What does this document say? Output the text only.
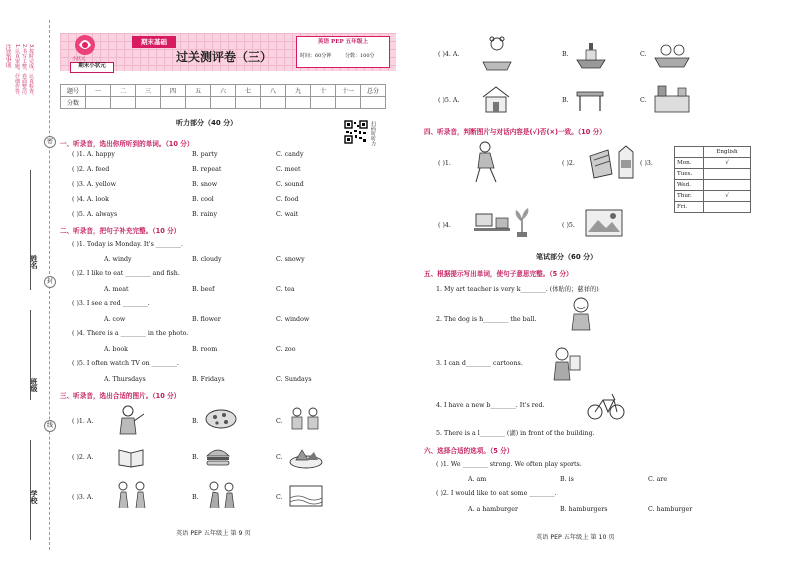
注意事项 1.认真审题，仔细作答。 2.书写工整，卷面整洁。 3.按时完成，认真检查。
密
封
线
姓名
班级
学校
小状元
期末小状元
期末基础
过关测评卷（三）
英语 PEP 五年级上
时间：60分钟	分数：100分
题号	一	二	三	四	五	六	七	八	九	十	十一	总分
分数												
听力部分（40 分）	扫码听听力
一、听录音，选出你所听到的单词。（10 分）
( )1. A. happy	B. party	C. candy
( )2. A. feed	B. repeat	C. meet
( )3. A. yellow	B. snow	C. sound
( )4. A. look	B. cool	C. food
( )5. A. always	B. rainy	C. wait
二、听录音，把句子补充完整。（10 分）
( )1. Today is Monday. It's ________.
A. windy	B. cloudy	C. snowy
( )2. I like to eat ________ and fish.
A. meat	B. beef	C. tea
( )3. I see a red ________.
A. cow	B. flower	C. window
( )4. There is a ________ in the photo.
A. book	B. room	C. zoo
( )5. I often watch TV on ________.
A. Thursdays	B. Fridays	C. Sundays
三、听录音，选出合适的图片。（10 分）
( )1. A.	B.	C.
( )2. A.	B.	C.
( )3. A.	B.	C.
英语 PEP 五年级上 第 9 页
( )4. A.	B.	C.
( )5. A.	B.	C.
四、听录音，判断图片与对话内容是(√)否(×)一致。（10 分）
( )1.	( )2.	( )3.
	English
Mon.	√
Tues.	
Wed.	
Thur.	√
Fri.	
( )4.	( )5.
笔试部分（60 分）
五、根据提示写出单词，使句子意思完整。（5 分）
1. My art teacher is very k________. (体贴的；慈祥的)
2. The dog is h________ the ball.
3. I can d________ cartoons.
4. I have a new b________. It's red.
5. There is a l________ (湖) in front of the building.
六、选择合适的选项。（5 分）
( )1. We ________ strong. We often play sports.
A. am	B. is	C. are
( )2. I would like to eat some ________.
A. a hamburger	B. hamburgers	C. hamburger
英语 PEP 五年级上 第 10 页
